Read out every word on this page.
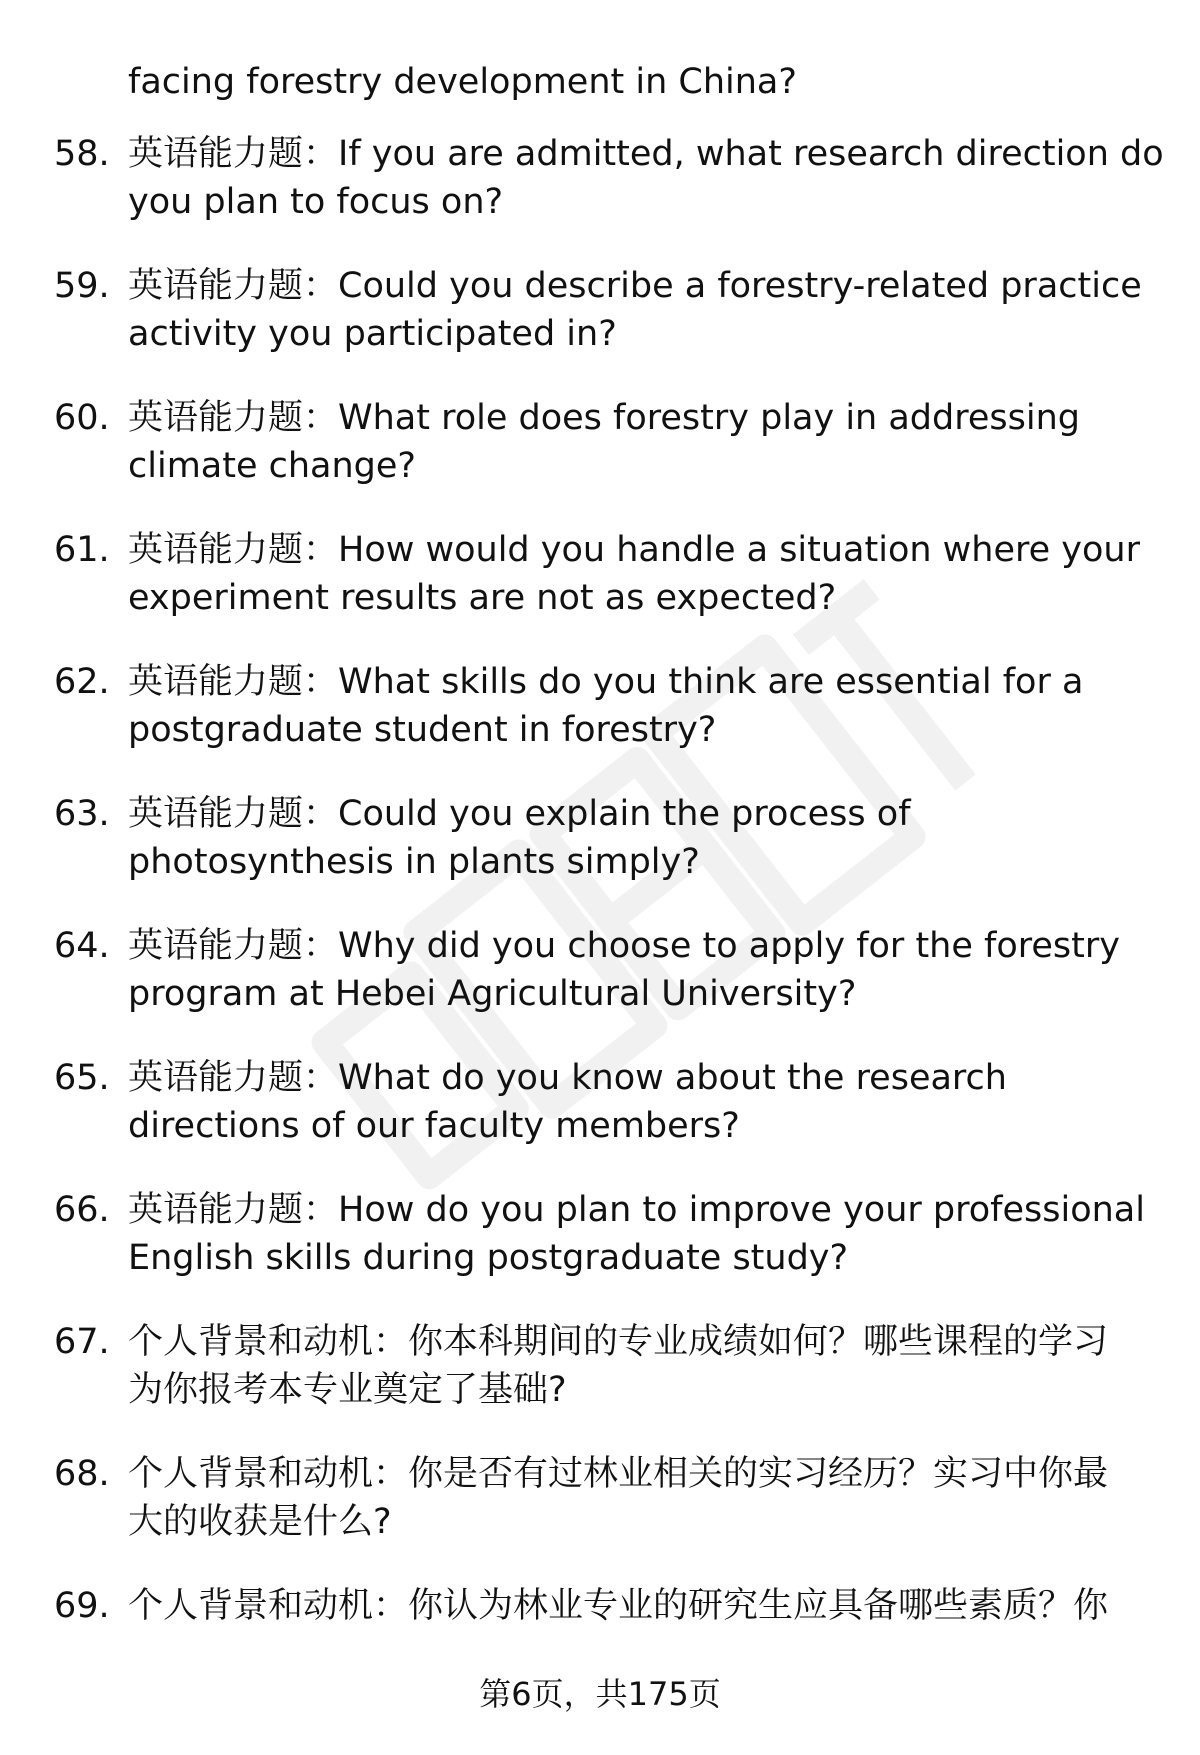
facing forestry development in China?
58. 英语能力题：If you are admitted, what research direction do
you plan to focus on?
59. 英语能力题：Could you describe a forestry-related practice
activity you participated in?
60. 英语能力题：What role does forestry play in addressing
climate change?
61. 英语能力题：How would you handle a situation where your
experiment results are not as expected?
62. 英语能力题：What skills do you think are essential for a
postgraduate student in forestry?
63. 英语能力题：Could you explain the process of
photosynthesis in plants simply?
64. 英语能力题：Why did you choose to apply for the forestry
program at Hebei Agricultural University?
65. 英语能力题：What do you know about the research
directions of our faculty members?
66. 英语能力题：How do you plan to improve your professional
English skills during postgraduate study?
67. 个人背景和动机：你本科期间的专业成绩如何？哪些课程的学习
为你报考本专业奠定了基础?
68. 个人背景和动机：你是否有过林业相关的实习经历？实习中你最
大的收获是什么?
69. 个人背景和动机：你认为林业专业的研究生应具备哪些素质？你
第6页，共175页
